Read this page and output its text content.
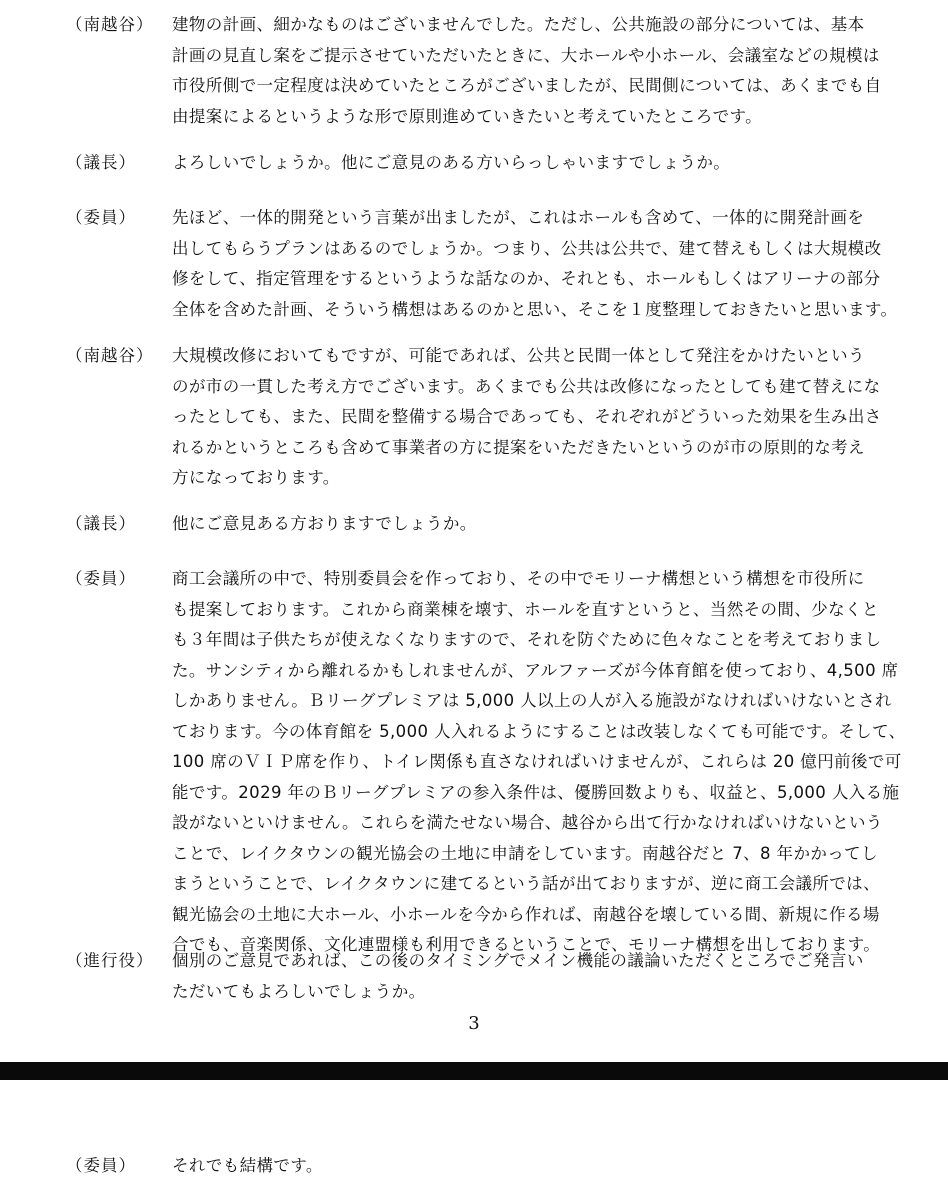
（南越谷） 建物の計画、細かなものはございませんでした。ただし、公共施設の部分については、基本
計画の見直し案をご提示させていただいたときに、大ホールや小ホール、会議室などの規模は
市役所側で一定程度は決めていたところがございましたが、民間側については、あくまでも自
由提案によるというような形で原則進めていきたいと考えていたところです。
（議長） よろしいでしょうか。他にご意見のある方いらっしゃいますでしょうか。
（委員） 先ほど、一体的開発という言葉が出ましたが、これはホールも含めて、一体的に開発計画を
出してもらうプランはあるのでしょうか。つまり、公共は公共で、建て替えもしくは大規模改
修をして、指定管理をするというような話なのか、それとも、ホールもしくはアリーナの部分
全体を含めた計画、そういう構想はあるのかと思い、そこを１度整理しておきたいと思います。
（南越谷） 大規模改修においてもですが、可能であれば、公共と民間一体として発注をかけたいという
のが市の一貫した考え方でございます。あくまでも公共は改修になったとしても建て替えにな
ったとしても、また、民間を整備する場合であっても、それぞれがどういった効果を生み出さ
れるかというところも含めて事業者の方に提案をいただきたいというのが市の原則的な考え
方になっております。
（議長） 他にご意見ある方おりますでしょうか。
（委員） 商工会議所の中で、特別委員会を作っており、その中でモリーナ構想という構想を市役所に
も提案しております。これから商業棟を壊す、ホールを直すというと、当然その間、少なくと
も３年間は子供たちが使えなくなりますので、それを防ぐために色々なことを考えておりまし
た。サンシティから離れるかもしれませんが、アルファーズが今体育館を使っており、4,500 席
しかありません。Ｂリーグプレミアは 5,000 人以上の人が入る施設がなければいけないとされ
ております。今の体育館を 5,000 人入れるようにすることは改装しなくても可能です。そして、
100 席のＶＩＰ席を作り、トイレ関係も直さなければいけませんが、これらは 20 億円前後で可
能です。2029 年のＢリーグプレミアの参入条件は、優勝回数よりも、収益と、5,000 人入る施
設がないといけません。これらを満たせない場合、越谷から出て行かなければいけないという
ことで、レイクタウンの観光協会の土地に申請をしています。南越谷だと 7、8 年かかってし
まうということで、レイクタウンに建てるという話が出ておりますが、逆に商工会議所では、
観光協会の土地に大ホール、小ホールを今から作れば、南越谷を壊している間、新規に作る場
合でも、音楽関係、文化連盟様も利用できるということで、モリーナ構想を出しております。
（進行役） 個別のご意見であれば、この後のタイミングでメイン機能の議論いただくところでご発言い
ただいてもよろしいでしょうか。
3
（委員） それでも結構です。
